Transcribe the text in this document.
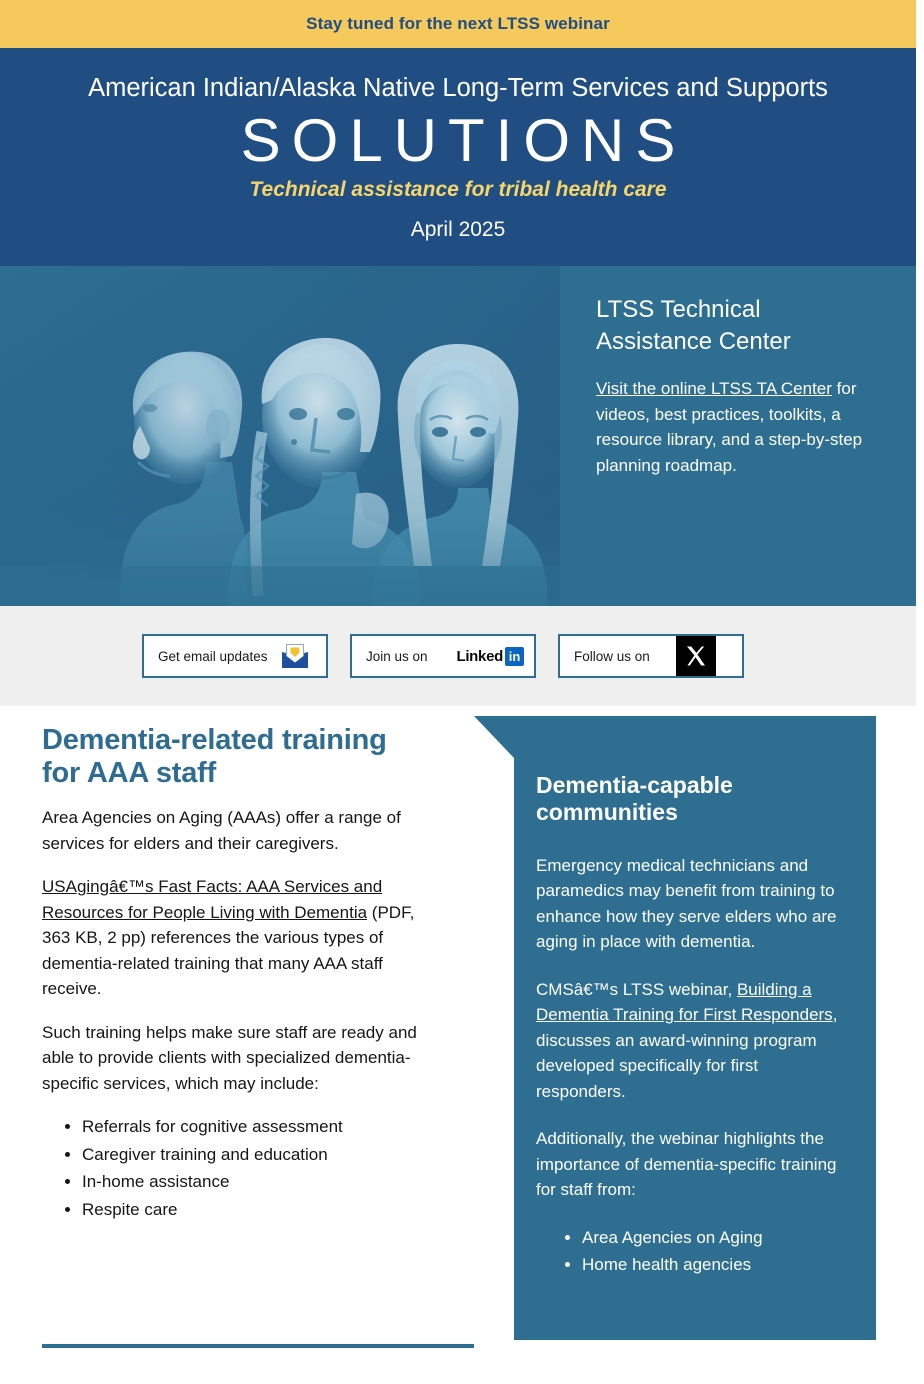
Stay tuned for the next LTSS webinar
American Indian/Alaska Native Long-Term Services and Supports
SOLUTIONS
Technical assistance for tribal health care
April 2025
LTSS Technical Assistance Center

Visit the online LTSS TA Center for videos, best practices, toolkits, a resource library, and a step-by-step planning roadmap.

Get email updates	Join us on Linked in	Follow us on
Dementia-related training for AAA staff

Area Agencies on Aging (AAAs) offer a range of services for elders and their caregivers.

USAgingâ€™s Fast Facts: AAA Services and Resources for People Living with Dementia (PDF, 363 KB, 2 pp) references the various types of dementia-related training that many AAA staff receive.

Such training helps make sure staff are ready and able to provide clients with specialized dementia-specific services, which may include:

• Referrals for cognitive assessment
• Caregiver training and education
• In-home assistance
• Respite care
Dementia-capable communities

Emergency medical technicians and paramedics may benefit from training to enhance how they serve elders who are aging in place with dementia.

CMSâ€™s LTSS webinar, Building a Dementia Training for First Responders, discusses an award-winning program developed specifically for first responders.

Additionally, the webinar highlights the importance of dementia-specific training for staff from:

• Area Agencies on Aging
• Home health agencies
